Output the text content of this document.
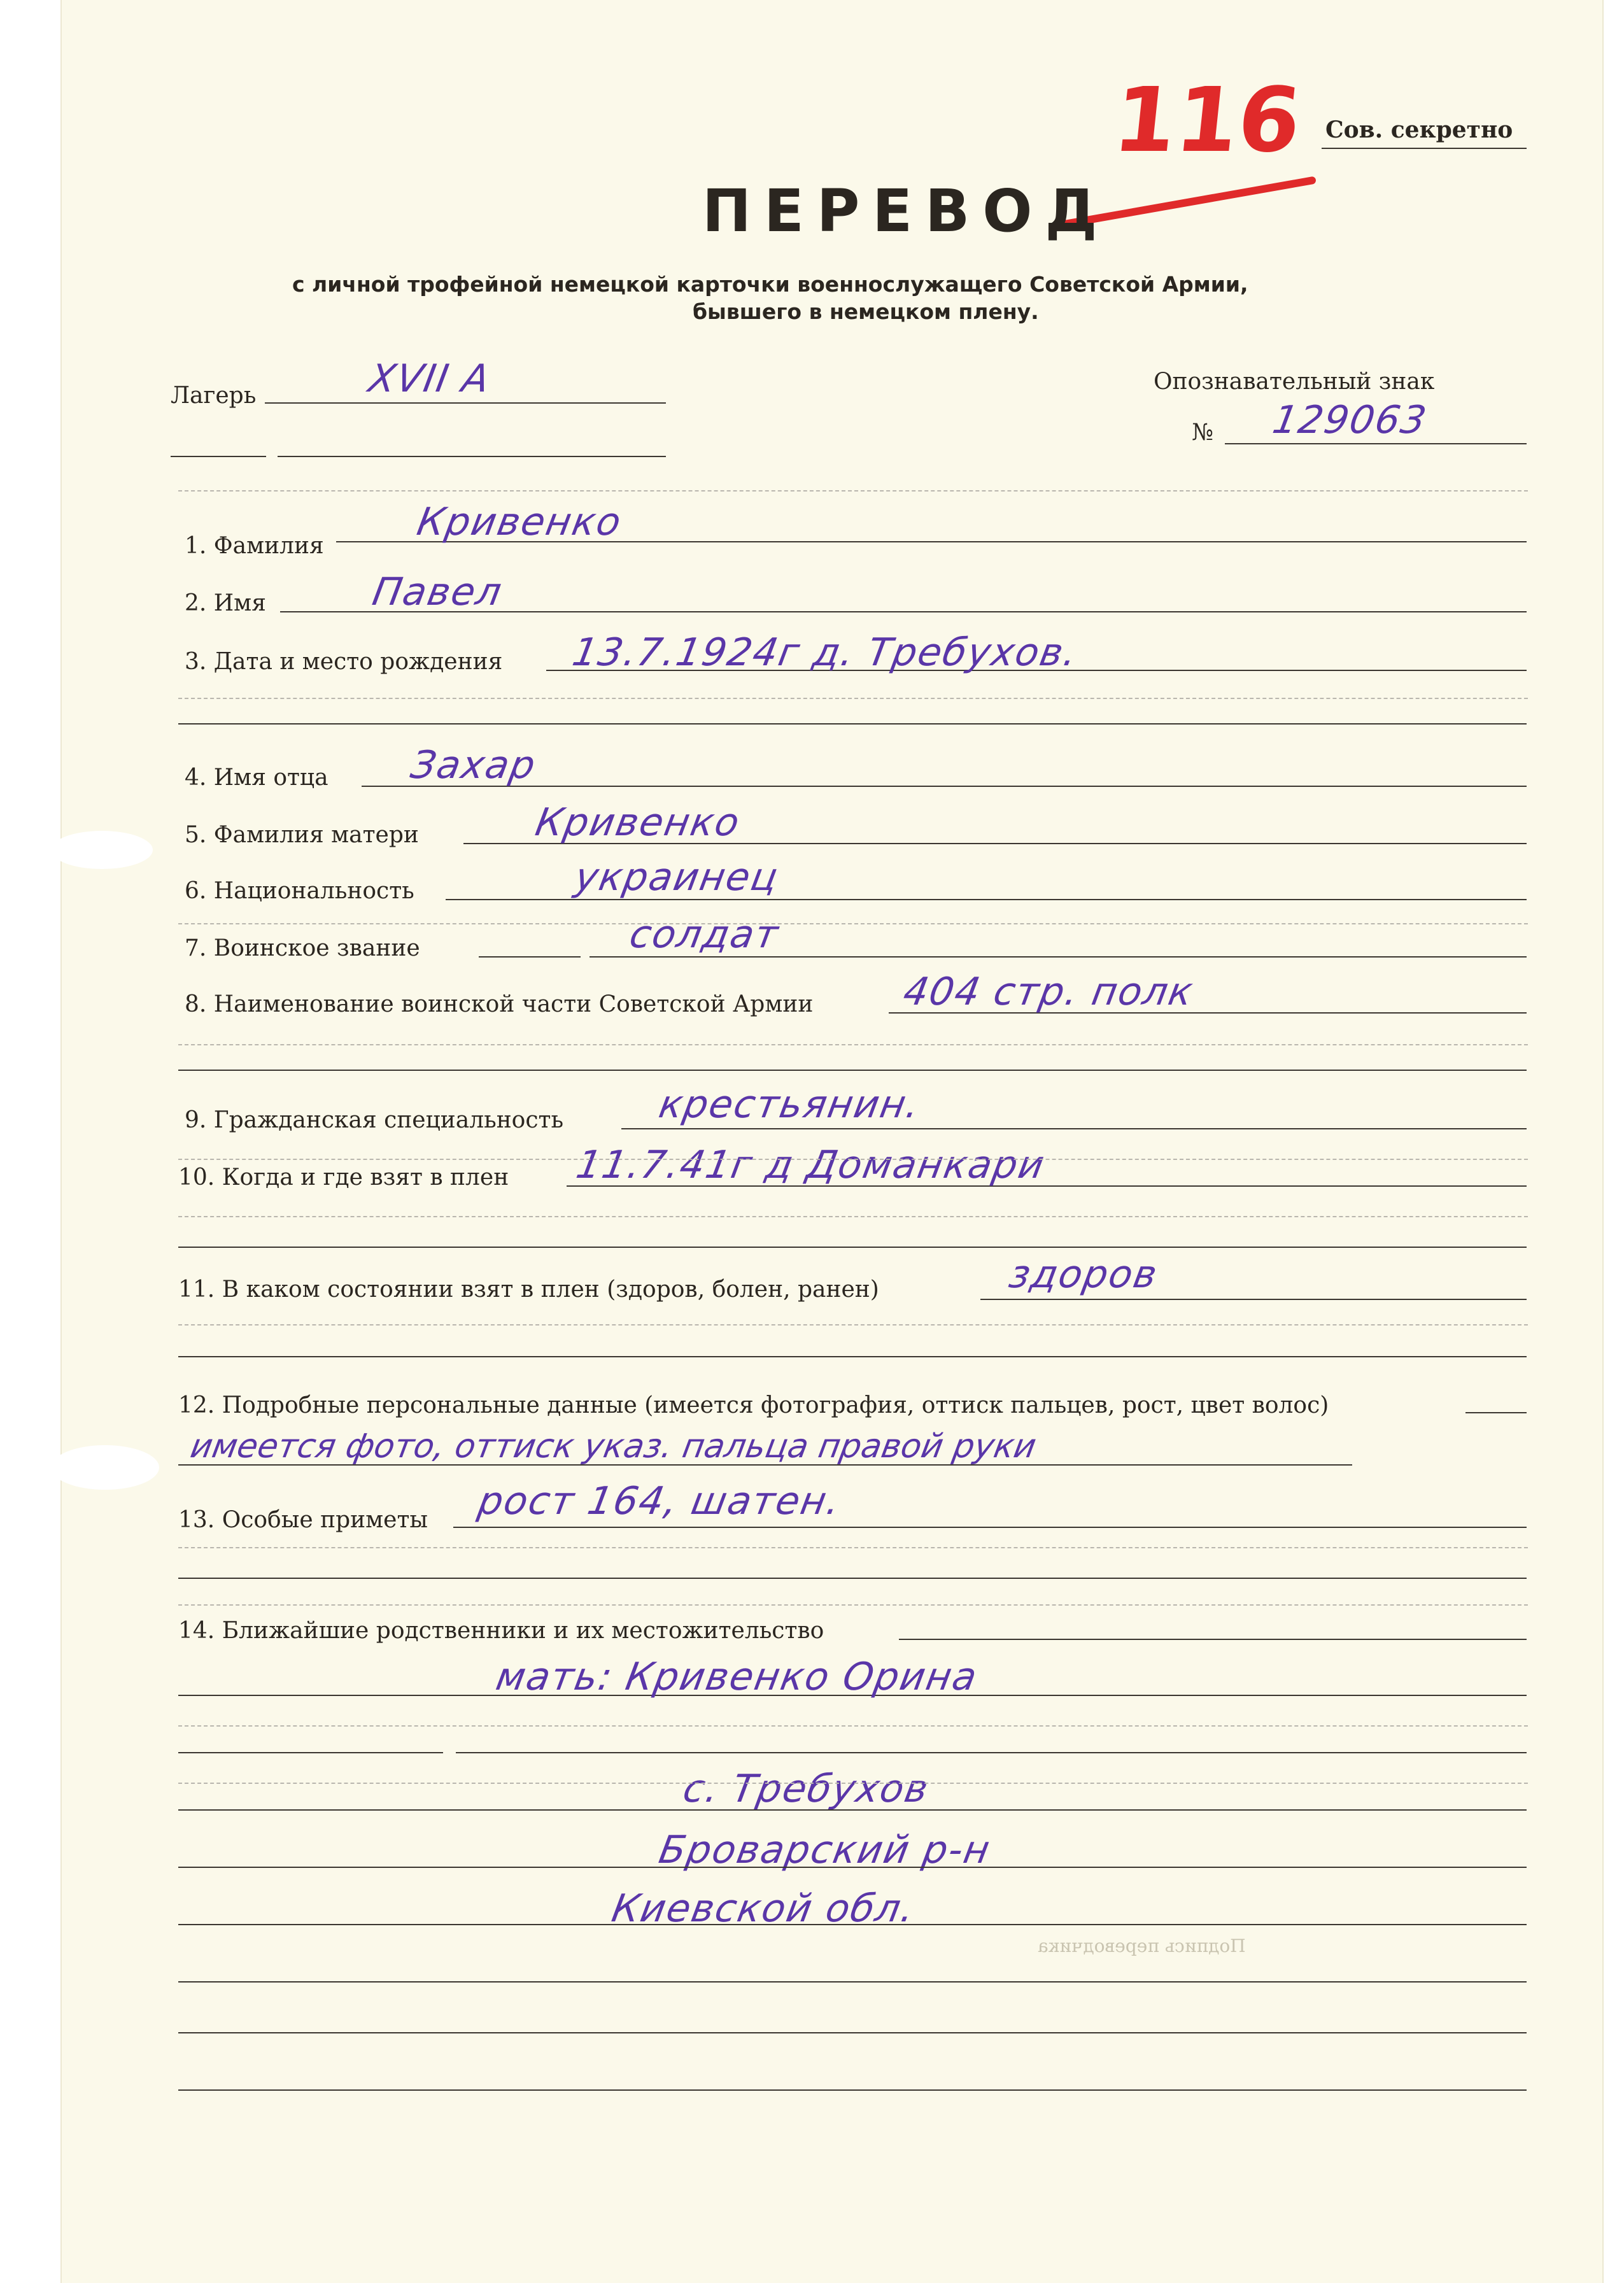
116 Сов. секретно
ПЕРЕВОД
с личной трофейной немецкой карточки военнослужащего Советской Армии,
бывшего в немецком плену.
Лагерь	XVII A	Опознавательный знак
№ 129063
1. Фамилия
Кривенко
2. Имя	Павел
3. Дата и место рождения 13.7.1924г д. Требухов.
4. Имя отца Захар
5. Фамилия матери	Кривенко
6. Национальность	украинец
7. Воинское звание	солдат
8. Наименование воинской части Советской Армии 404 стр. полк
9. Гражданская специальность крестьянин.
10. Когда и где взят в плен 11.7.41г д Доманкари
11. В каком состоянии взят в плен (здоров, болен, ранен)	здоров
12. Подробные персональные данные (имеется фотография, оттиск пальцев, рост, цвет волос)
имеется фото, оттиск указ. пальца правой руки
13. Особые приметы рост 164, шатен.
14. Ближайшие родственники и их местожительство
мать: Кривенко Орина
с. Требухов
Броварский р-н
Киевской обл.
Подпись переводчика
